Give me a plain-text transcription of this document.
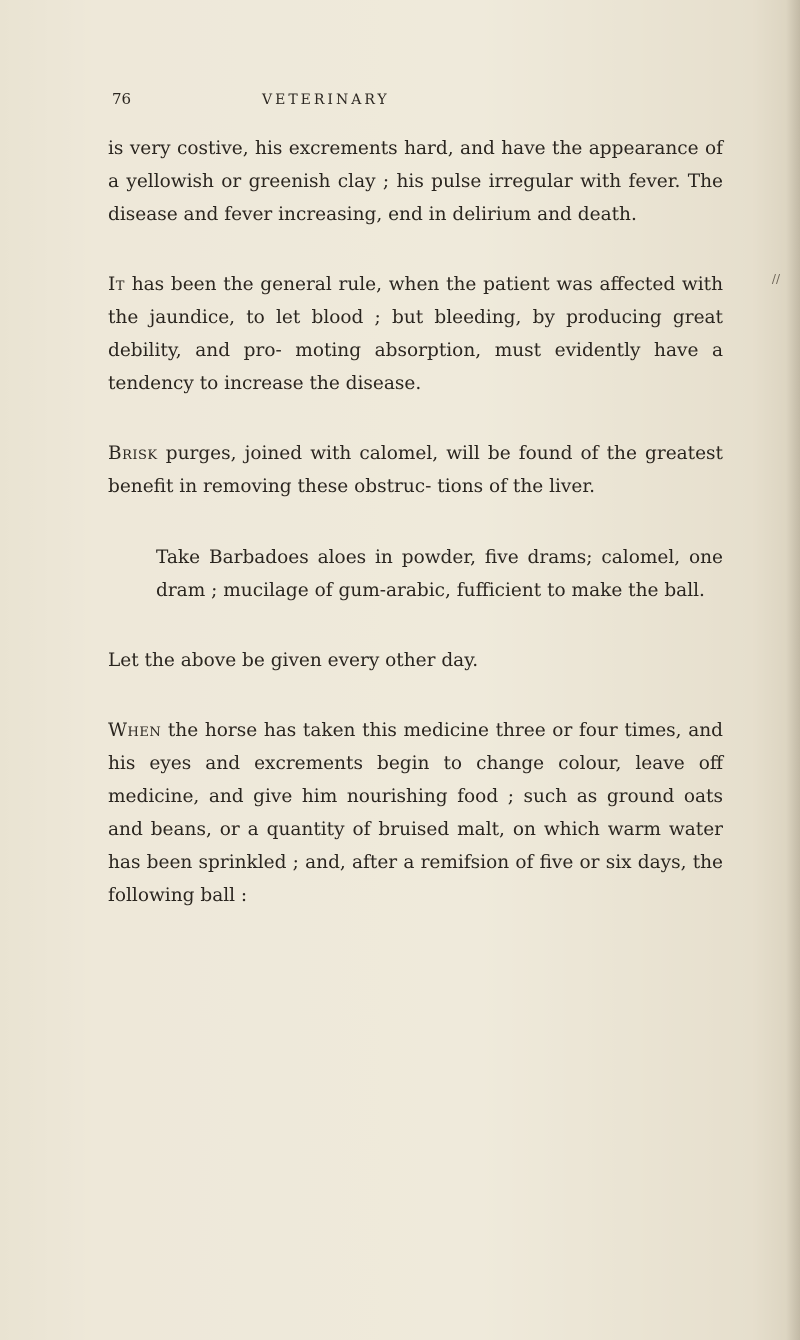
76	VETERINARY
//

is very costive, his excrements hard, and have the appearance of a yellowish or greenish clay ; his pulse irregular with fever. The disease and fever increasing, end in delirium and death.

It has been the general rule, when the patient was affected with the jaundice, to let blood ; but bleeding, by producing great debility, and pro- moting absorption, must evidently have a tendency to increase the disease.

Brisk purges, joined with calomel, will be found of the greatest benefit in removing these obstruc- tions of the liver.

Take Barbadoes aloes in powder, five drams; calomel, one dram ; mucilage of gum-arabic, fufficient to make the ball.

Let the above be given every other day.

When the horse has taken this medicine three or four times, and his eyes and excrements begin to change colour, leave off medicine, and give him nourishing food ; such as ground oats and beans, or a quantity of bruised malt, on which warm water has been sprinkled ; and, after a remifsion of five or six days, the following ball :
